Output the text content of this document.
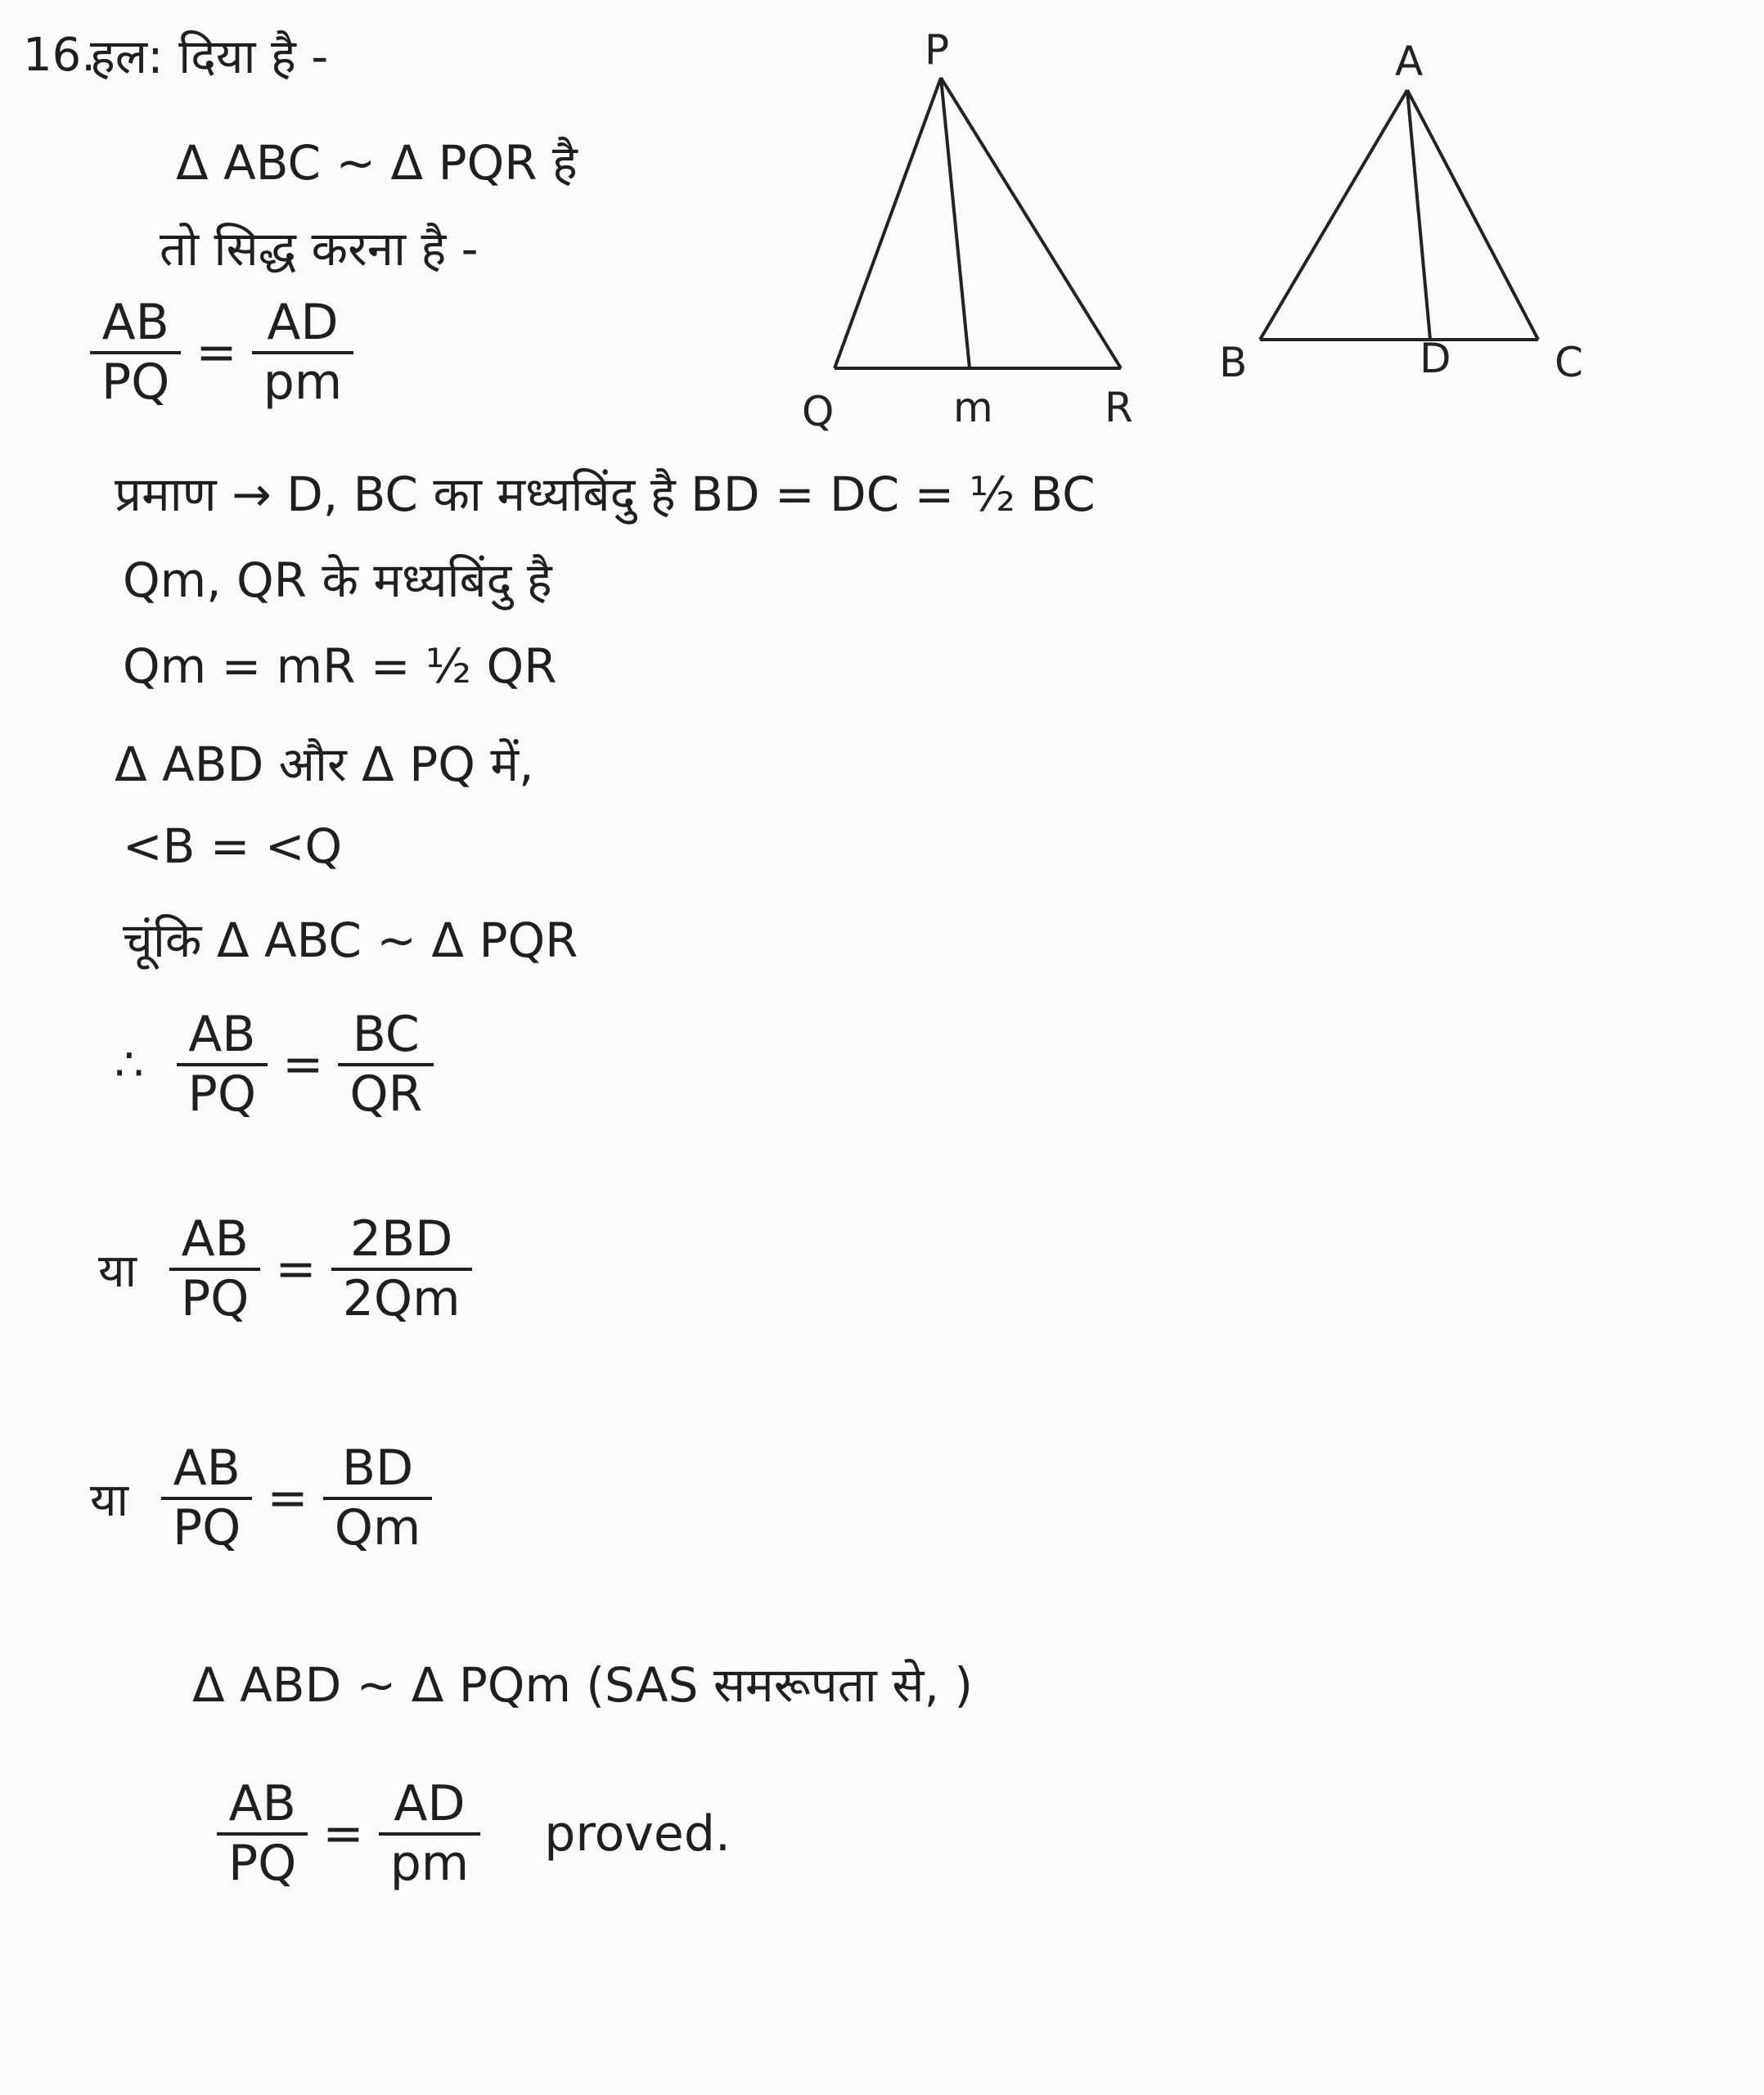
16.
हल: दिया है -
Δ ABC ∼ Δ PQR है
तो सिद्ध करना है -
$\frac{AB}{PQ} = \frac{AD}{pm}$
P
Q	m	R
A
B	D	C
प्रमाण → D, BC का मध्यबिंदु है BD = DC = ½ BC
Qm, QR के मध्यबिंदु है
Qm = mR = ½ QR
Δ ABD और Δ PQ में,
<B = <Q
चूंकि Δ ABC ∼ Δ PQR
∴ $\frac{AB}{PQ} = \frac{BC}{QR}$
या $\frac{AB}{PQ} = \frac{2BD}{2Qm}$
या $\frac{AB}{PQ} = \frac{BD}{Qm}$
Δ ABD ∼ Δ PQm (SAS समरूपता से, )
$\frac{AB}{PQ} = \frac{AD}{pm}$	proved.
